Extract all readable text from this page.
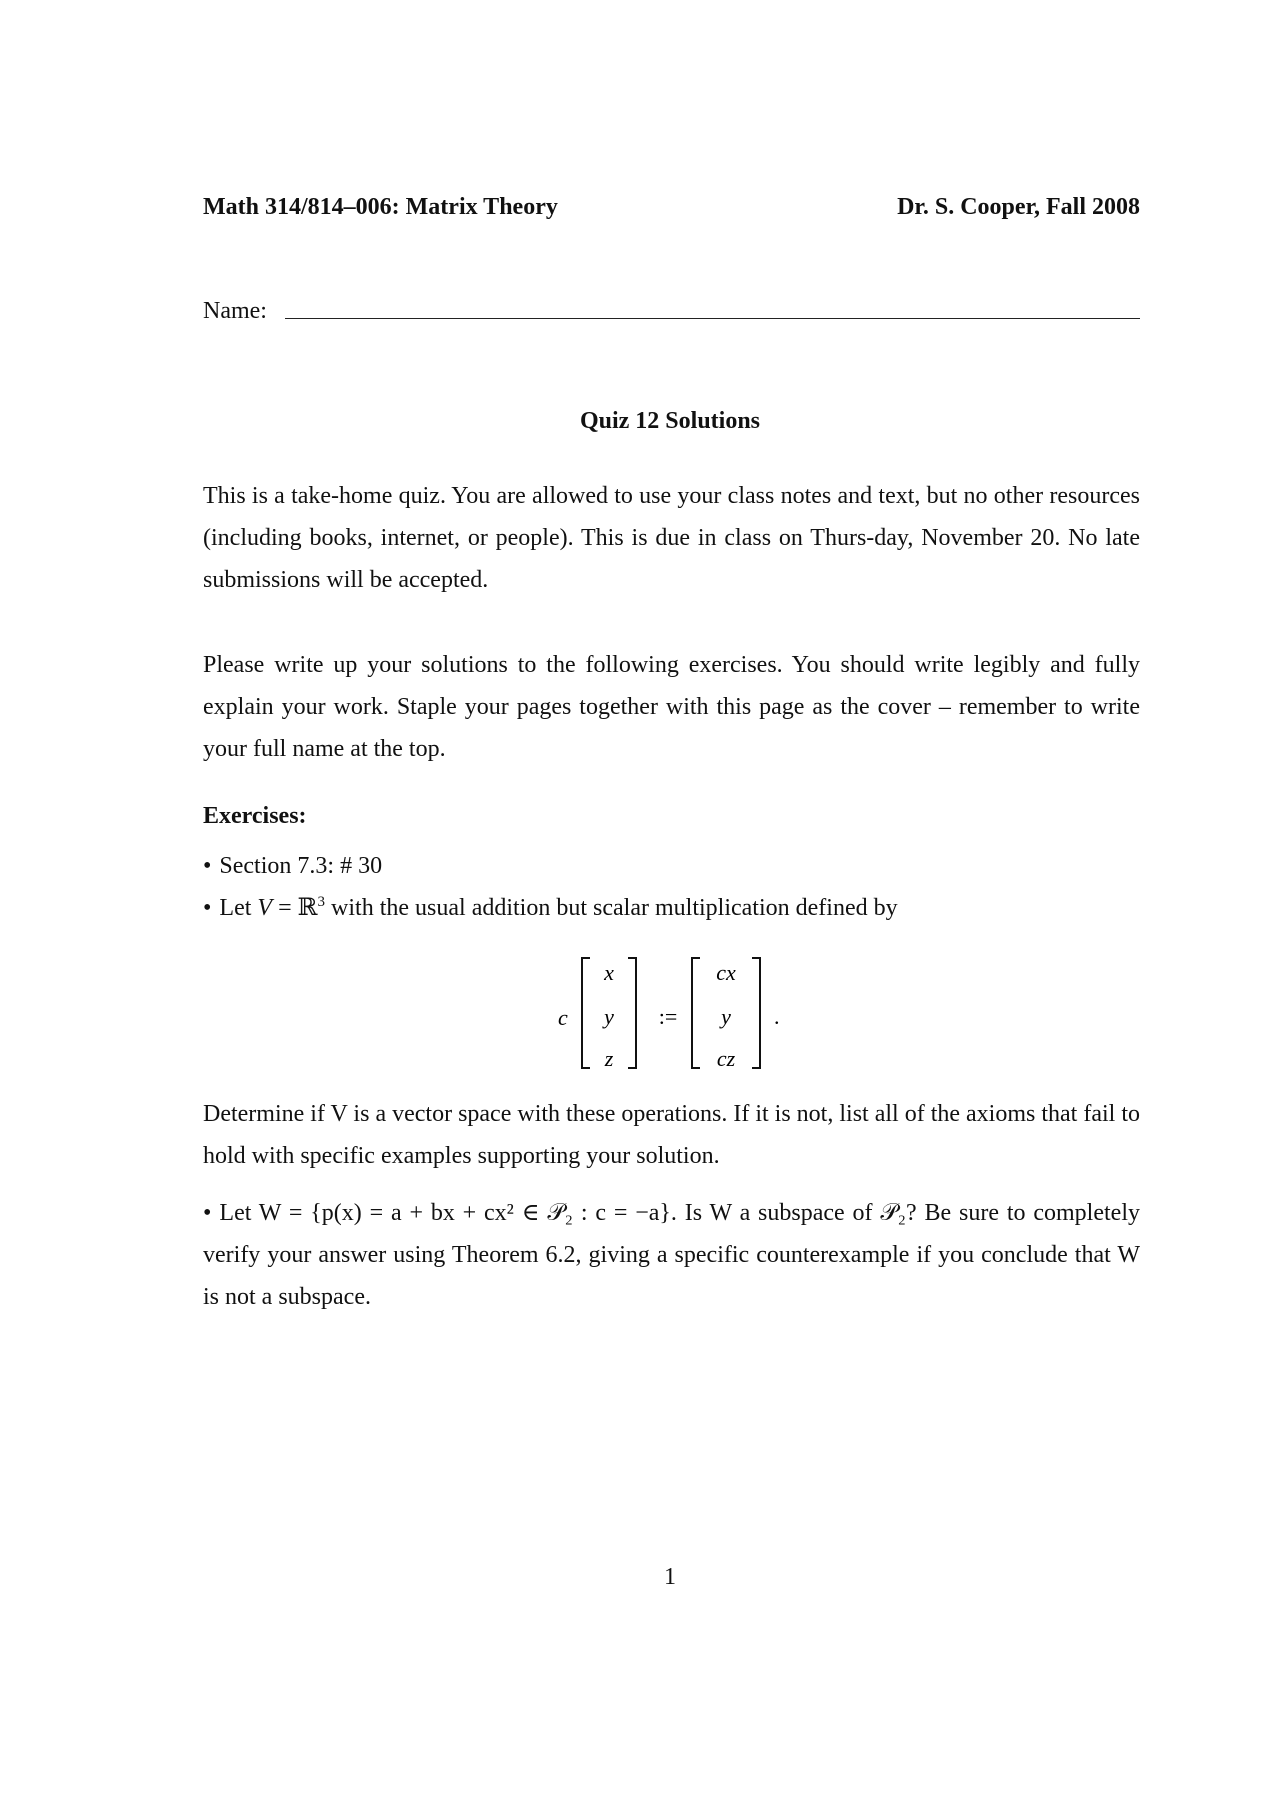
Math 314/814–006: Matrix Theory	Dr. S. Cooper, Fall 2008
Name:
Quiz 12 Solutions
This is a take-home quiz. You are allowed to use your class notes and text, but no other resources (including books, internet, or people). This is due in class on Thurs-day, November 20. No late submissions will be accepted.
Please write up your solutions to the following exercises. You should write legibly and fully explain your work. Staple your pages together with this page as the cover – remember to write your full name at the top.
Exercises:
• Section 7.3: # 30
• Let V = ℝ$^3$ with the usual addition but scalar multiplication defined by
c
x
y
z
:=
cx
y
cz
.
Determine if V is a vector space with these operations. If it is not, list all of the axioms that fail to hold with specific examples supporting your solution.
• Let W = {p(x) = a + bx + cx² ∈ 𝒫₂ : c = −a}. Is W a subspace of 𝒫₂? Be sure to completely verify your answer using Theorem 6.2, giving a specific counterexample if you conclude that W is not a subspace.
1
